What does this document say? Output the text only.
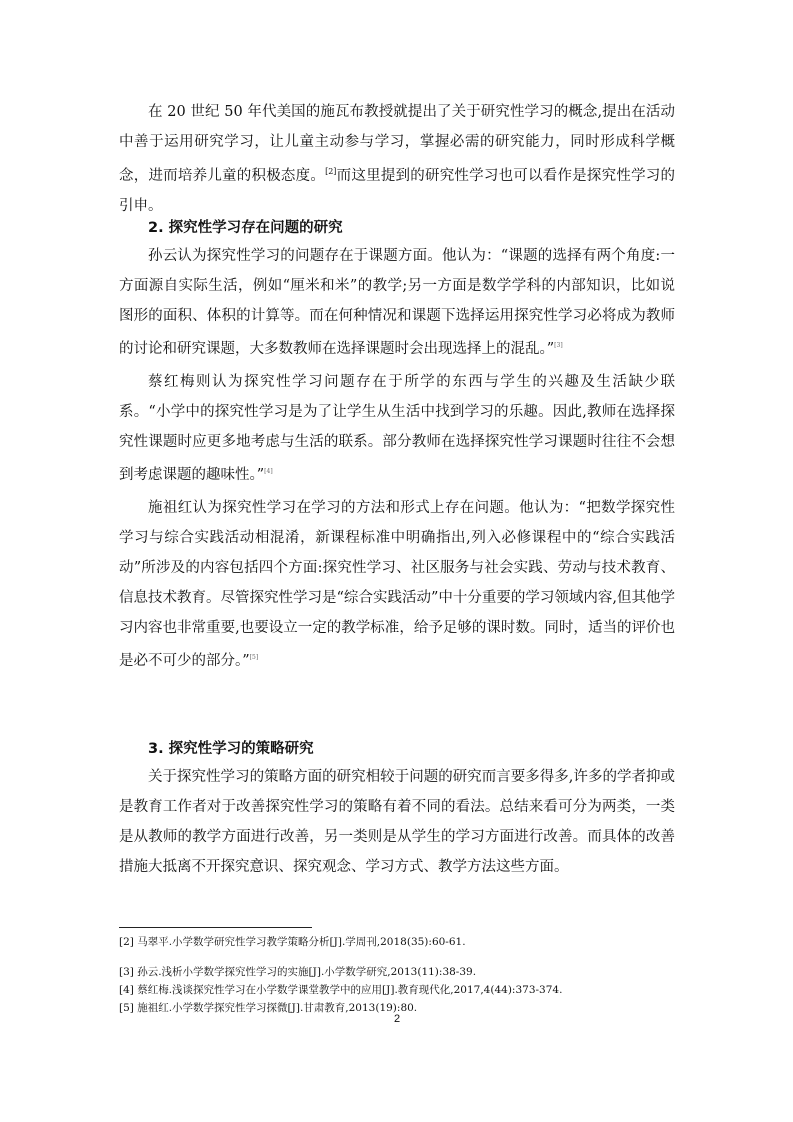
在 20 世纪 50 年代美国的施瓦布教授就提出了关于研究性学习的概念,提出在活动中善于运用研究学习，让儿童主动参与学习，掌握必需的研究能力，同时形成科学概念，进而培养儿童的积极态度。[2]而这里提到的研究性学习也可以看作是探究性学习的引申。

2. 探究性学习存在问题的研究

孙云认为探究性学习的问题存在于课题方面。他认为：“课题的选择有两个角度:一方面源自实际生活，例如“厘米和米”的教学;另一方面是数学学科的内部知识，比如说图形的面积、体积的计算等。而在何种情况和课题下选择运用探究性学习必将成为教师的讨论和研究课题，大多数教师在选择课题时会出现选择上的混乱。”[3]

蔡红梅则认为探究性学习问题存在于所学的东西与学生的兴趣及生活缺少联系。“小学中的探究性学习是为了让学生从生活中找到学习的乐趣。因此,教师在选择探究性课题时应更多地考虑与生活的联系。部分教师在选择探究性学习课题时往往不会想到考虑课题的趣味性。”[4]

施祖红认为探究性学习在学习的方法和形式上存在问题。他认为：“把数学探究性学习与综合实践活动相混淆，新课程标准中明确指出,列入必修课程中的“综合实践活动”所涉及的内容包括四个方面:探究性学习、社区服务与社会实践、劳动与技术教育、信息技术教育。尽管探究性学习是“综合实践活动”中十分重要的学习领域内容,但其他学习内容也非常重要,也要设立一定的教学标准，给予足够的课时数。同时，适当的评价也是必不可少的部分。”[5]

3. 探究性学习的策略研究

关于探究性学习的策略方面的研究相较于问题的研究而言要多得多,许多的学者抑或是教育工作者对于改善探究性学习的策略有着不同的看法。总结来看可分为两类，一类是从教师的教学方面进行改善，另一类则是从学生的学习方面进行改善。而具体的改善措施大抵离不开探究意识、探究观念、学习方式、教学方法这些方面。

[2] 马翠平.小学数学研究性学习教学策略分析[J].学周刊,2018(35):60-61.
[3] 孙云.浅析小学数学探究性学习的实施[J].小学数学研究,2013(11):38-39.
[4] 蔡红梅.浅谈探究性学习在小学数学课堂教学中的应用[J].教育现代化,2017,4(44):373-374.
[5] 施祖红.小学数学探究性学习探微[J].甘肃教育,2013(19):80.
2
